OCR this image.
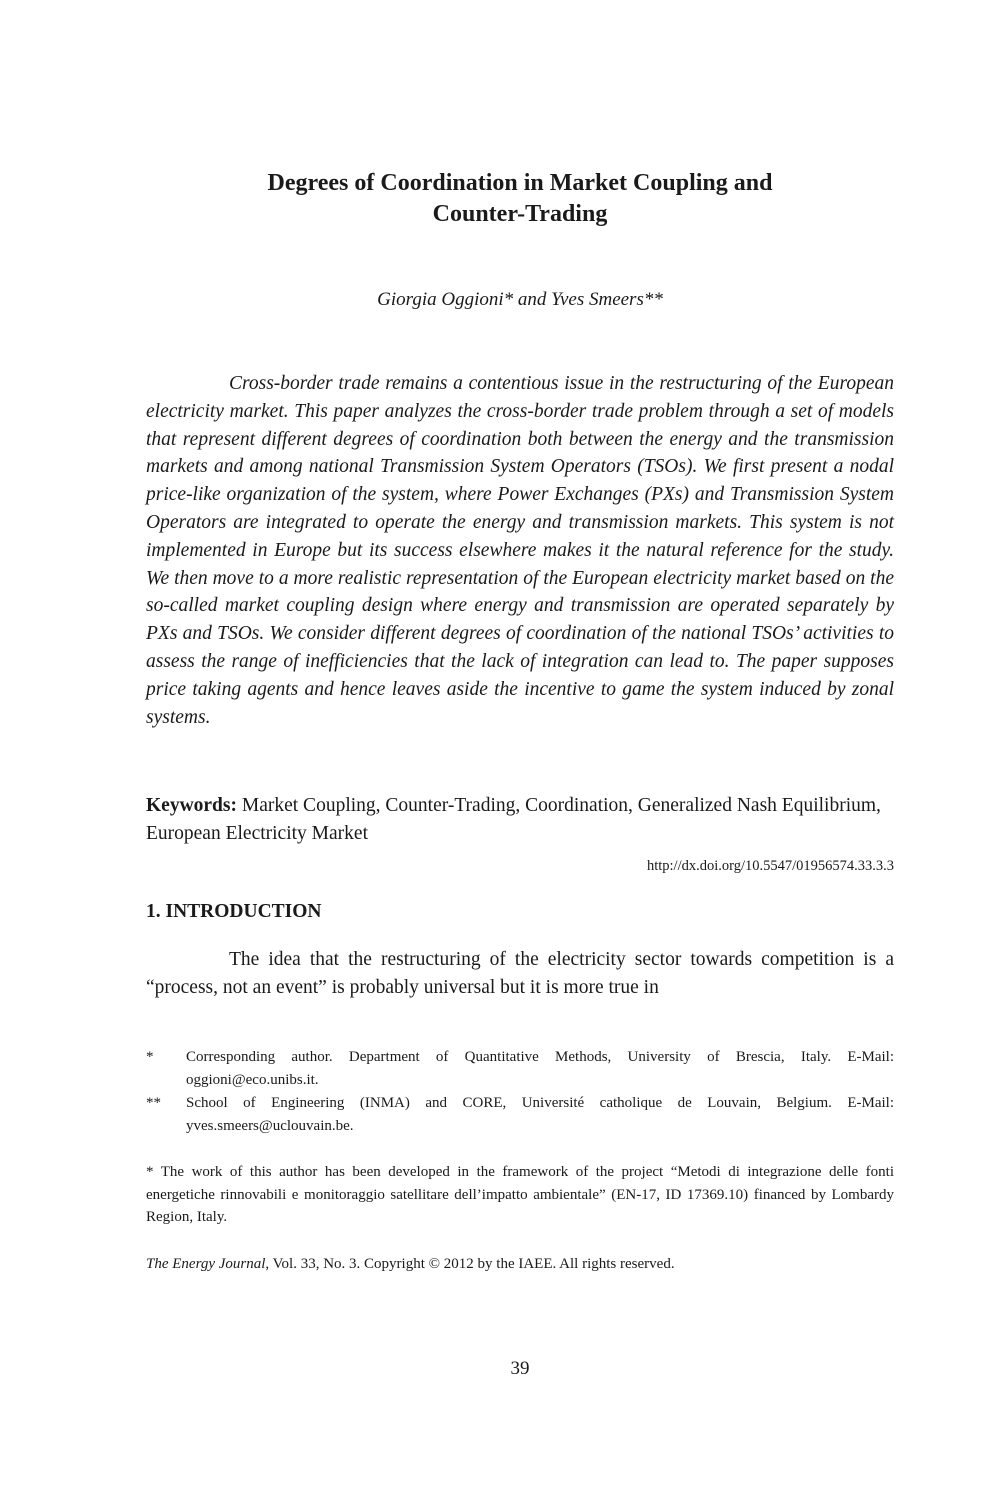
Degrees of Coordination in Market Coupling and
Counter-Trading

Giorgia Oggioni* and Yves Smeers**

Cross-border trade remains a contentious issue in the restructuring of the European electricity market. This paper analyzes the cross-border trade problem through a set of models that represent different degrees of coordination both between the energy and the transmission markets and among national Transmission System Operators (TSOs). We first present a nodal price-like organization of the system, where Power Exchanges (PXs) and Transmission System Operators are integrated to operate the energy and transmission markets. This system is not implemented in Europe but its success elsewhere makes it the natural reference for the study. We then move to a more realistic representation of the European electricity market based on the so-called market coupling design where energy and transmission are operated separately by PXs and TSOs. We consider different degrees of coordination of the national TSOs’ activities to assess the range of inefficiencies that the lack of integration can lead to. The paper supposes price taking agents and hence leaves aside the incentive to game the system induced by zonal systems.

Keywords: Market Coupling, Counter-Trading, Coordination, Generalized Nash Equilibrium, European Electricity Market

http://dx.doi.org/10.5547/01956574.33.3.3

1. INTRODUCTION

The idea that the restructuring of the electricity sector towards competition is a “process, not an event” is probably universal but it is more true in

*	Corresponding author. Department of Quantitative Methods, University of Brescia, Italy. E-Mail: oggioni@eco.unibs.it.
**	School of Engineering (INMA) and CORE, Université catholique de Louvain, Belgium. E-Mail: yves.smeers@uclouvain.be.

* The work of this author has been developed in the framework of the project “Metodi di integrazione delle fonti energetiche rinnovabili e monitoraggio satellitare dell’impatto ambientale” (EN-17, ID 17369.10) financed by Lombardy Region, Italy.

The Energy Journal, Vol. 33, No. 3. Copyright © 2012 by the IAEE. All rights reserved.

39
